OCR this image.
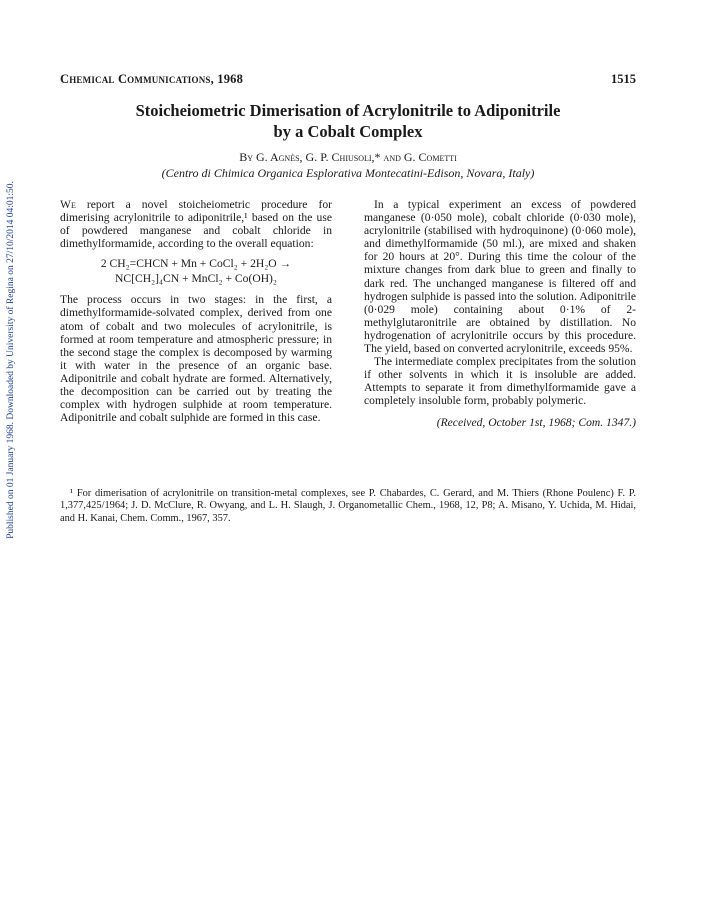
Published on 01 January 1968. Downloaded by University of Regina on 27/10/2014 04:01:50.
Chemical Communications, 1968	1515
Stoicheiometric Dimerisation of Acrylonitrile to Adiponitrile
by a Cobalt Complex
By G. Agnès, G. P. Chiusoli,* and G. Cometti
(Centro di Chimica Organica Esplorativa Montecatini-Edison, Novara, Italy)

We report a novel stoicheiometric procedure for dimerising acrylonitrile to adiponitrile,¹ based on the use of powdered manganese and cobalt chloride in dimethylformamide, according to the overall equation:

2 CH₂=CHCN + Mn + CoCl₂ + 2H₂O →
NC[CH₂]₄CN + MnCl₂ + Co(OH)₂

The process occurs in two stages: in the first, a dimethylformamide-solvated complex, derived from one atom of cobalt and two molecules of acrylonitrile, is formed at room temperature and atmospheric pressure; in the second stage the complex is decomposed by warming it with water in the presence of an organic base. Adiponitrile and cobalt hydrate are formed. Alternatively, the decomposition can be carried out by treating the complex with hydrogen sulphide at room temperature. Adiponitrile and cobalt sulphide are formed in this case.

In a typical experiment an excess of powdered manganese (0·050 mole), cobalt chloride (0·030 mole), acrylonitrile (stabilised with hydroquinone) (0·060 mole), and dimethylformamide (50 ml.), are mixed and shaken for 20 hours at 20°. During this time the colour of the mixture changes from dark blue to green and finally to dark red. The unchanged manganese is filtered off and hydrogen sulphide is passed into the solution. Adiponitrile (0·029 mole) containing about 0·1% of 2-methylglutaronitrile are obtained by distillation. No hydrogenation of acrylonitrile occurs by this procedure. The yield, based on converted acrylonitrile, exceeds 95%.

The intermediate complex precipitates from the solution if other solvents in which it is insoluble are added. Attempts to separate it from dimethylformamide gave a completely insoluble form, probably polymeric.

(Received, October 1st, 1968; Com. 1347.)

¹ For dimerisation of acrylonitrile on transition-metal complexes, see P. Chabardes, C. Gerard, and M. Thiers (Rhone Poulenc) F. P. 1,377,425/1964; J. D. McClure, R. Owyang, and L. H. Slaugh, J. Organometallic Chem., 1968, 12, P8; A. Misano, Y. Uchida, M. Hidai, and H. Kanai, Chem. Comm., 1967, 357.
